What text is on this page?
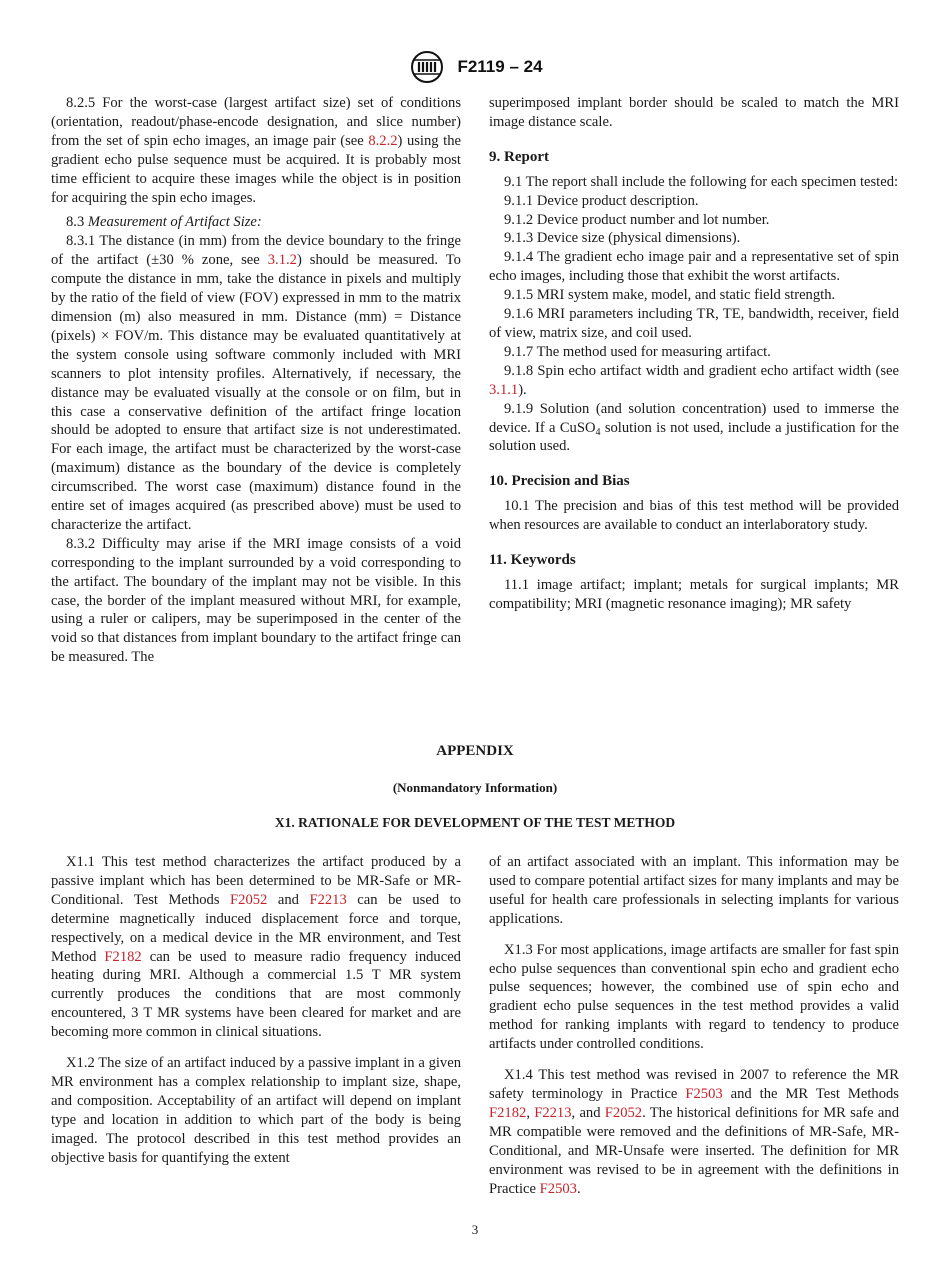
F2119 – 24

8.2.5 For the worst-case (largest artifact size) set of conditions (orientation, readout/phase-encode designation, and slice number) from the set of spin echo images, an image pair (see 8.2.2) using the gradient echo pulse sequence must be acquired. It is probably most time efficient to acquire these images while the object is in position for acquiring the spin echo images.

8.3 Measurement of Artifact Size:

8.3.1 The distance (in mm) from the device boundary to the fringe of the artifact (±30 % zone, see 3.1.2) should be measured. To compute the distance in mm, take the distance in pixels and multiply by the ratio of the field of view (FOV) expressed in mm to the matrix dimension (m) also measured in mm. Distance (mm) = Distance (pixels) × FOV/m. This distance may be evaluated quantitatively at the system console using software commonly included with MRI scanners to plot intensity profiles. Alternatively, if necessary, the distance may be evaluated visually at the console or on film, but in this case a conservative definition of the artifact fringe location should be adopted to ensure that artifact size is not underestimated. For each image, the artifact must be characterized by the worst-case (maximum) distance as the boundary of the device is completely circumscribed. The worst case (maximum) distance found in the entire set of images acquired (as prescribed above) must be used to characterize the artifact.

8.3.2 Difficulty may arise if the MRI image consists of a void corresponding to the implant surrounded by a void corresponding to the artifact. The boundary of the implant may not be visible. In this case, the border of the implant measured without MRI, for example, using a ruler or calipers, may be superimposed in the center of the void so that distances from implant boundary to the artifact fringe can be measured. The

superimposed implant border should be scaled to match the MRI image distance scale.

9. Report

9.1 The report shall include the following for each specimen tested:

9.1.1 Device product description.

9.1.2 Device product number and lot number.

9.1.3 Device size (physical dimensions).

9.1.4 The gradient echo image pair and a representative set of spin echo images, including those that exhibit the worst artifacts.

9.1.5 MRI system make, model, and static field strength.

9.1.6 MRI parameters including TR, TE, bandwidth, receiver, field of view, matrix size, and coil used.

9.1.7 The method used for measuring artifact.

9.1.8 Spin echo artifact width and gradient echo artifact width (see 3.1.1).

9.1.9 Solution (and solution concentration) used to immerse the device. If a CuSO$_4$ solution is not used, include a justification for the solution used.

10. Precision and Bias

10.1 The precision and bias of this test method will be provided when resources are available to conduct an interlaboratory study.

11. Keywords

11.1 image artifact; implant; metals for surgical implants; MR compatibility; MRI (magnetic resonance imaging); MR safety

APPENDIX
(Nonmandatory Information)
X1. RATIONALE FOR DEVELOPMENT OF THE TEST METHOD

X1.1 This test method characterizes the artifact produced by a passive implant which has been determined to be MR-Safe or MR-Conditional. Test Methods F2052 and F2213 can be used to determine magnetically induced displacement force and torque, respectively, on a medical device in the MR environment, and Test Method F2182 can be used to measure radio frequency induced heating during MRI. Although a commercial 1.5 T MR system currently produces the conditions that are most commonly encountered, 3 T MR systems have been cleared for market and are becoming more common in clinical situations.

X1.2 The size of an artifact induced by a passive implant in a given MR environment has a complex relationship to implant size, shape, and composition. Acceptability of an artifact will depend on implant type and location in addition to which part of the body is being imaged. The protocol described in this test method provides an objective basis for quantifying the extent

of an artifact associated with an implant. This information may be used to compare potential artifact sizes for many implants and may be useful for health care professionals in selecting implants for various applications.

X1.3 For most applications, image artifacts are smaller for fast spin echo pulse sequences than conventional spin echo and gradient echo pulse sequences; however, the combined use of spin echo and gradient echo pulse sequences in the test method provides a valid method for ranking implants with regard to tendency to produce artifacts under controlled conditions.

X1.4 This test method was revised in 2007 to reference the MR safety terminology in Practice F2503 and the MR Test Methods F2182, F2213, and F2052. The historical definitions for MR safe and MR compatible were removed and the definitions of MR-Safe, MR-Conditional, and MR-Unsafe were inserted. The definition for MR environment was revised to be in agreement with the definitions in Practice F2503.

3
